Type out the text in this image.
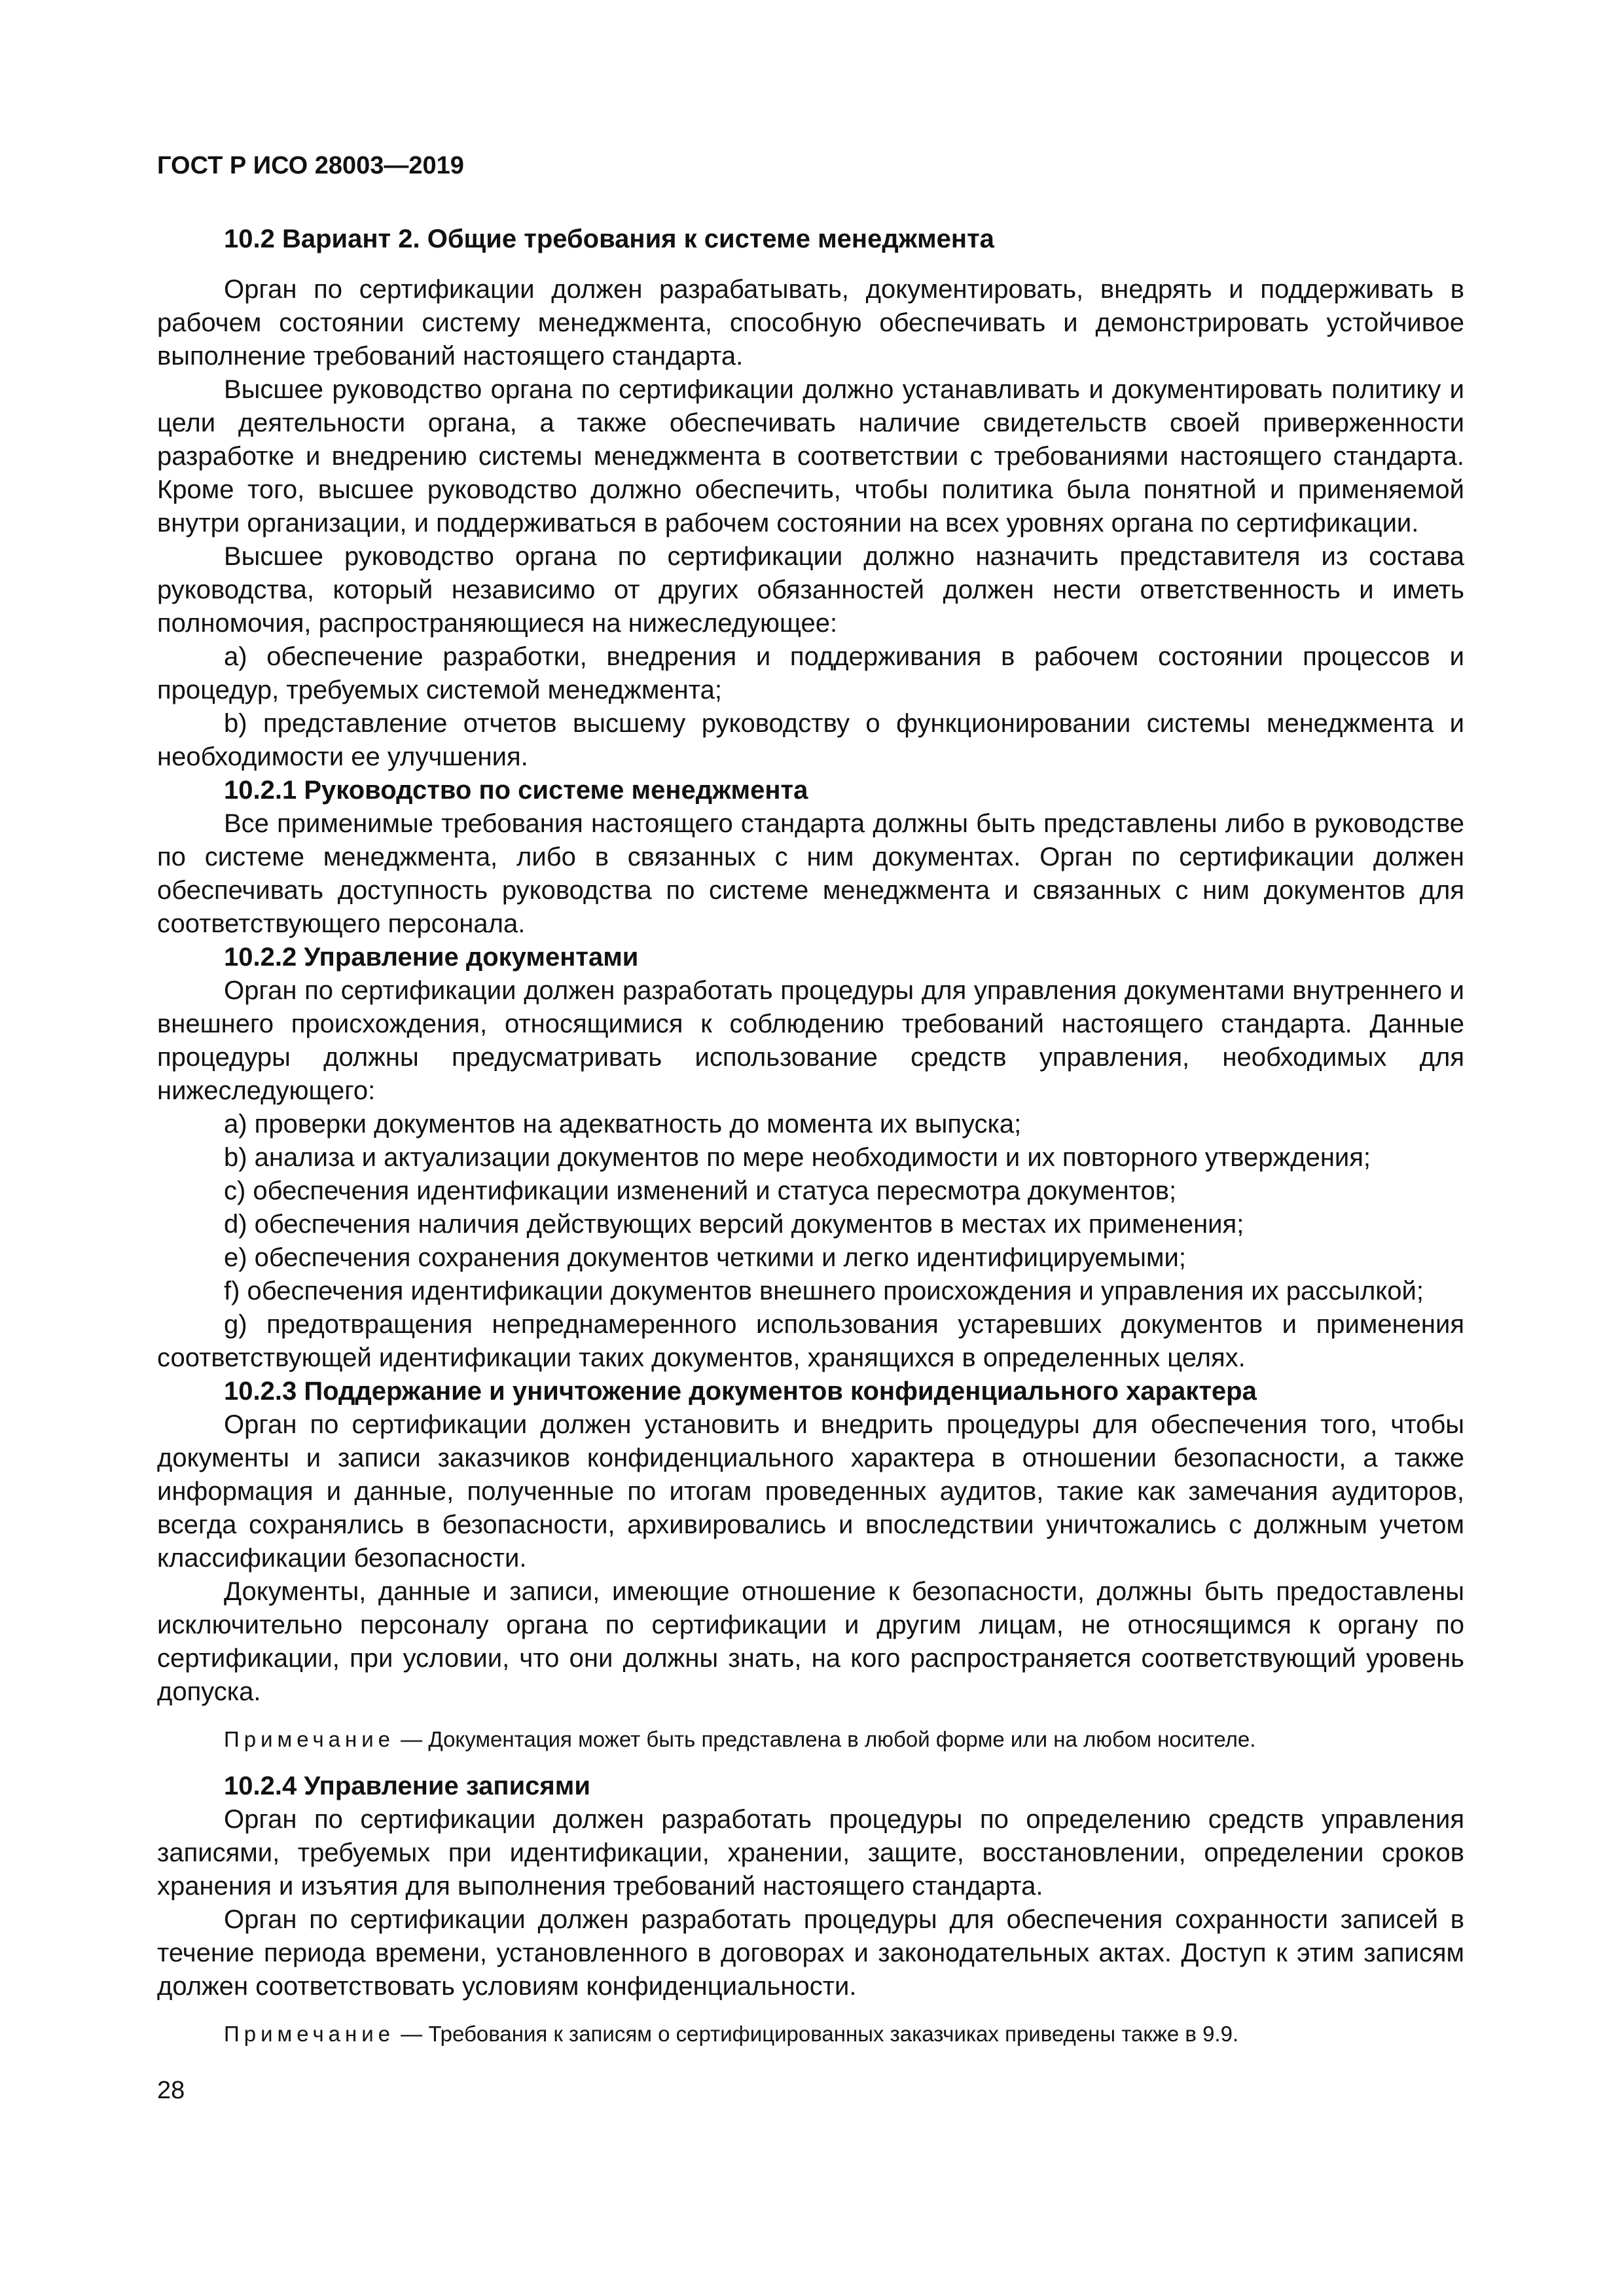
ГОСТ Р ИСО 28003—2019

10.2 Вариант 2. Общие требования к системе менеджмента

Орган по сертификации должен разрабатывать, документировать, внедрять и поддерживать в рабочем состоянии систему менеджмента, способную обеспечивать и демонстрировать устойчивое выполнение требований настоящего стандарта.

Высшее руководство органа по сертификации должно устанавливать и документировать политику и цели деятельности органа, а также обеспечивать наличие свидетельств своей приверженности разработке и внедрению системы менеджмента в соответствии с требованиями настоящего стандарта. Кроме того, высшее руководство должно обеспечить, чтобы политика была понятной и применяемой внутри организации, и поддерживаться в рабочем состоянии на всех уровнях органа по сертификации.

Высшее руководство органа по сертификации должно назначить представителя из состава руководства, который независимо от других обязанностей должен нести ответственность и иметь полномочия, распространяющиеся на нижеследующее:

а) обеспечение разработки, внедрения и поддерживания в рабочем состоянии процессов и процедур, требуемых системой менеджмента;

b) представление отчетов высшему руководству о функционировании системы менеджмента и необходимости ее улучшения.

10.2.1 Руководство по системе менеджмента

Все применимые требования настоящего стандарта должны быть представлены либо в руководстве по системе менеджмента, либо в связанных с ним документах. Орган по сертификации должен обеспечивать доступность руководства по системе менеджмента и связанных с ним документов для соответствующего персонала.

10.2.2 Управление документами

Орган по сертификации должен разработать процедуры для управления документами внутреннего и внешнего происхождения, относящимися к соблюдению требований настоящего стандарта. Данные процедуры должны предусматривать использование средств управления, необходимых для нижеследующего:

а) проверки документов на адекватность до момента их выпуска;

b) анализа и актуализации документов по мере необходимости и их повторного утверждения;

c) обеспечения идентификации изменений и статуса пересмотра документов;

d) обеспечения наличия действующих версий документов в местах их применения;

e) обеспечения сохранения документов четкими и легко идентифицируемыми;

f) обеспечения идентификации документов внешнего происхождения и управления их рассылкой;

g) предотвращения непреднамеренного использования устаревших документов и применения соответствующей идентификации таких документов, хранящихся в определенных целях.

10.2.3 Поддержание и уничтожение документов конфиденциального характера

Орган по сертификации должен установить и внедрить процедуры для обеспечения того, чтобы документы и записи заказчиков конфиденциального характера в отношении безопасности, а также информация и данные, полученные по итогам проведенных аудитов, такие как замечания аудиторов, всегда сохранялись в безопасности, архивировались и впоследствии уничтожались с должным учетом классификации безопасности.

Документы, данные и записи, имеющие отношение к безопасности, должны быть предоставлены исключительно персоналу органа по сертификации и другим лицам, не относящимся к органу по сертификации, при условии, что они должны знать, на кого распространяется соответствующий уровень допуска.

Примечание — Документация может быть представлена в любой форме или на любом носителе.

10.2.4 Управление записями

Орган по сертификации должен разработать процедуры по определению средств управления записями, требуемых при идентификации, хранении, защите, восстановлении, определении сроков хранения и изъятия для выполнения требований настоящего стандарта.

Орган по сертификации должен разработать процедуры для обеспечения сохранности записей в течение периода времени, установленного в договорах и законодательных актах. Доступ к этим записям должен соответствовать условиям конфиденциальности.

Примечание — Требования к записям о сертифицированных заказчиках приведены также в 9.9.

28
